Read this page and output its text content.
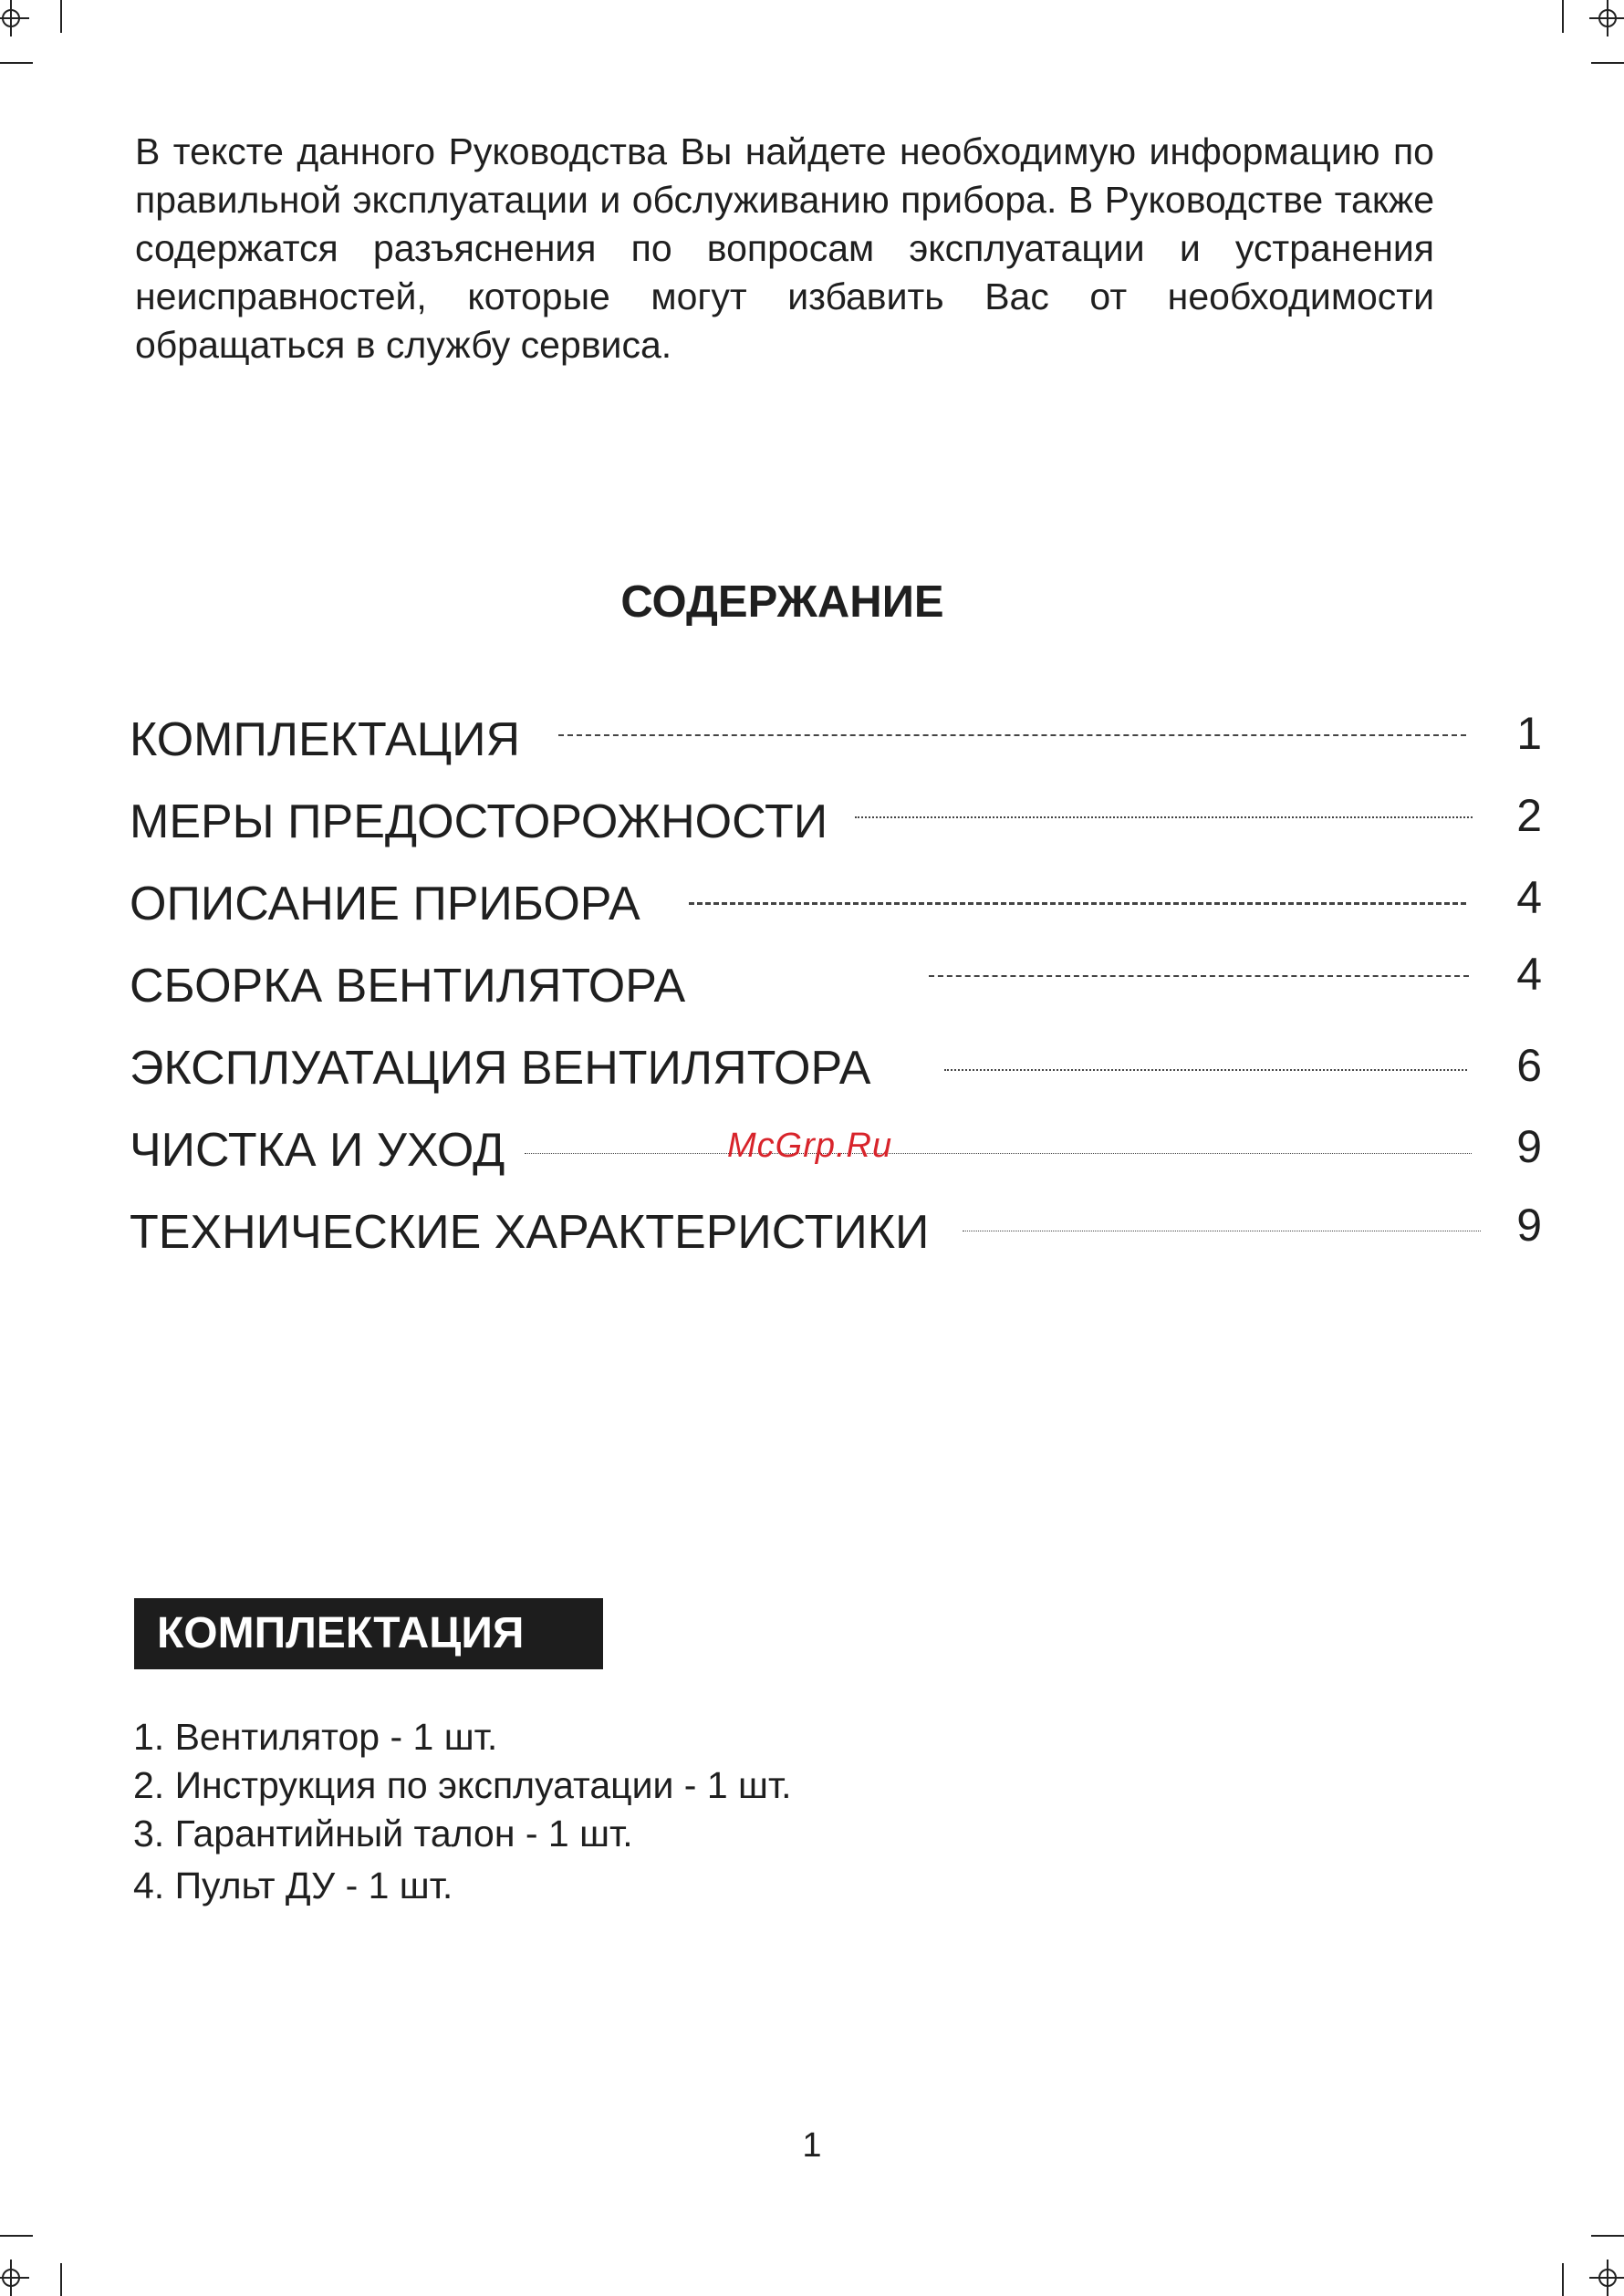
В тексте данного Руководства Вы найдете необходимую информацию по правильной эксплуатации и обслуживанию прибора. В Руководстве также содержатся разъяснения по вопросам эксплуатации и устранения неисправностей, которые могут избавить Вас от необходимости обращаться в службу сервиса.

СОДЕРЖАНИЕ
КОМПЛЕКТАЦИЯ	1
МЕРЫ ПРЕДОСТОРОЖНОСТИ	2
ОПИСАНИЕ ПРИБОРА	4
СБОРКА ВЕНТИЛЯТОРА	4
ЭКСПЛУАТАЦИЯ ВЕНТИЛЯТОРА	6
ЧИСТКА И УХОД	9
ТЕХНИЧЕСКИЕ ХАРАКТЕРИСТИКИ	9
McGrp.Ru
КОМПЛЕКТАЦИЯ
1. Вентилятор - 1 шт.
2. Инструкция по эксплуатации - 1 шт.
3. Гарантийный талон - 1 шт.
4. Пульт ДУ - 1 шт.
1
